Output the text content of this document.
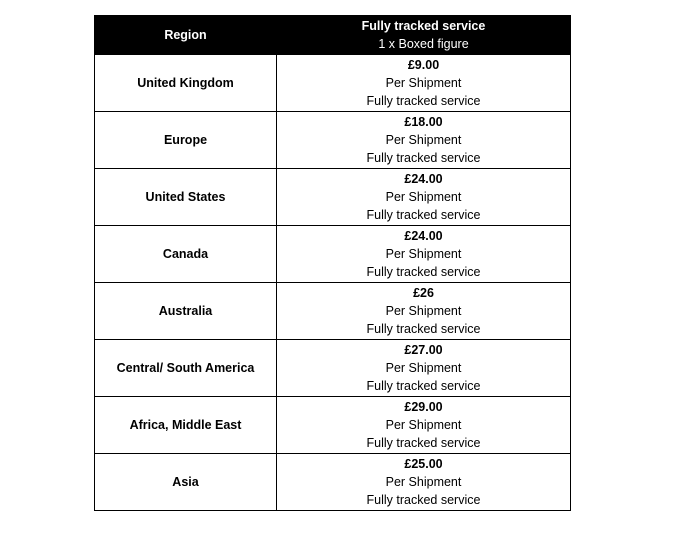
Region	Fully tracked service
1 x Boxed figure

United Kingdom	£9.00
Per Shipment
Fully tracked service

Europe	£18.00
Per Shipment
Fully tracked service

United States	£24.00
Per Shipment
Fully tracked service

Canada	£24.00
Per Shipment
Fully tracked service

Australia	£26
Per Shipment
Fully tracked service

Central/ South America	£27.00
Per Shipment
Fully tracked service

Africa, Middle East	£29.00
Per Shipment
Fully tracked service

Asia	£25.00
Per Shipment
Fully tracked service
